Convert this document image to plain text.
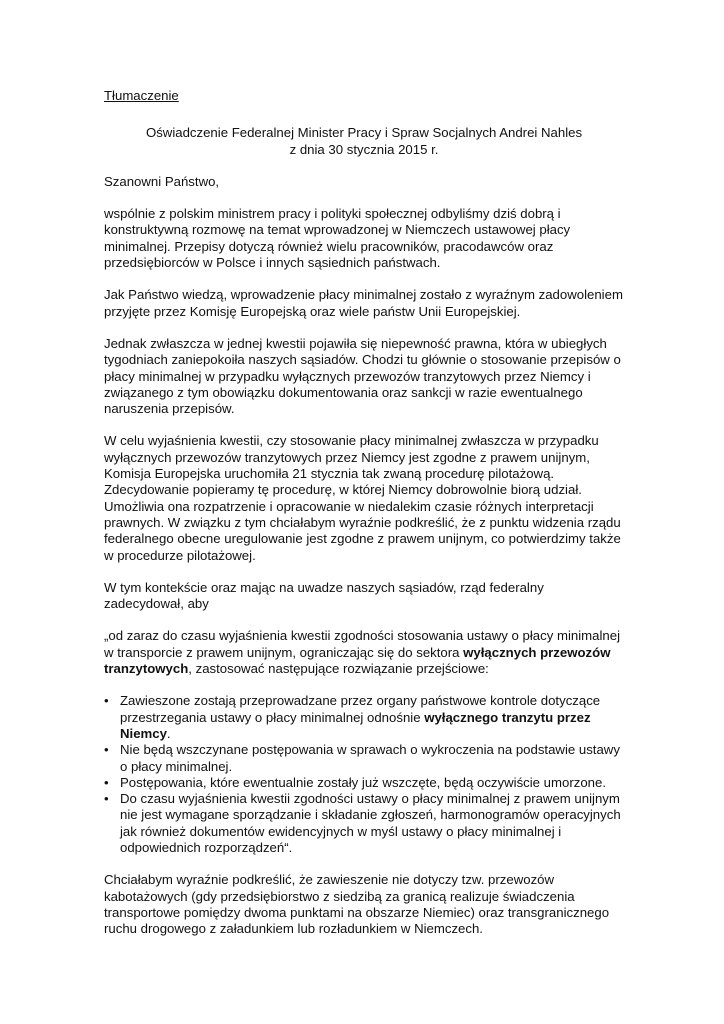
Tłumaczenie

Oświadczenie Federalnej Minister Pracy i Spraw Socjalnych Andrei Nahles
z dnia 30 stycznia 2015 r.

Szanowni Państwo,

wspólnie z polskim ministrem pracy i polityki społecznej odbyliśmy dziś dobrą i konstruktywną rozmowę na temat wprowadzonej w Niemczech ustawowej płacy minimalnej. Przepisy dotyczą również wielu pracowników, pracodawców oraz przedsiębiorców w Polsce i innych sąsiednich państwach.

Jak Państwo wiedzą, wprowadzenie płacy minimalnej zostało z wyraźnym zadowoleniem przyjęte przez Komisję Europejską oraz wiele państw Unii Europejskiej.

Jednak zwłaszcza w jednej kwestii pojawiła się niepewność prawna, która w ubiegłych tygodniach zaniepokoiła naszych sąsiadów. Chodzi tu głównie o stosowanie przepisów o płacy minimalnej w przypadku wyłącznych przewozów tranzytowych przez Niemcy i związanego z tym obowiązku dokumentowania oraz sankcji w razie ewentualnego naruszenia przepisów.

W celu wyjaśnienia kwestii, czy stosowanie płacy minimalnej zwłaszcza w przypadku wyłącznych przewozów tranzytowych przez Niemcy jest zgodne z prawem unijnym, Komisja Europejska uruchomiła 21 stycznia tak zwaną procedurę pilotażową. Zdecydowanie popieramy tę procedurę, w której Niemcy dobrowolnie biorą udział. Umożliwia ona rozpatrzenie i opracowanie w niedalekim czasie różnych interpretacji prawnych. W związku z tym chciałabym wyraźnie podkreślić, że z punktu widzenia rządu federalnego obecne uregulowanie jest zgodne z prawem unijnym, co potwierdzimy także w procedurze pilotażowej.

W tym kontekście oraz mając na uwadze naszych sąsiadów, rząd federalny zadecydował, aby

„od zaraz do czasu wyjaśnienia kwestii zgodności stosowania ustawy o płacy minimalnej w transporcie z prawem unijnym, ograniczając się do sektora wyłącznych przewozów tranzytowych, zastosować następujące rozwiązanie przejściowe:

• Zawieszone zostają przeprowadzane przez organy państwowe kontrole dotyczące przestrzegania ustawy o płacy minimalnej odnośnie wyłącznego tranzytu przez Niemcy.
• Nie będą wszczynane postępowania w sprawach o wykroczenia na podstawie ustawy o płacy minimalnej.
• Postępowania, które ewentualnie zostały już wszczęte, będą oczywiście umorzone.
• Do czasu wyjaśnienia kwestii zgodności ustawy o płacy minimalnej z prawem unijnym nie jest wymagane sporządzanie i składanie zgłoszeń, harmonogramów operacyjnych jak również dokumentów ewidencyjnych w myśl ustawy o płacy minimalnej i odpowiednich rozporządzeń“.

Chciałabym wyraźnie podkreślić, że zawieszenie nie dotyczy tzw. przewozów kabotażowych (gdy przedsiębiorstwo z siedzibą za granicą realizuje świadczenia transportowe pomiędzy dwoma punktami na obszarze Niemiec) oraz transgranicznego ruchu drogowego z załadunkiem lub rozładunkiem w Niemczech.
